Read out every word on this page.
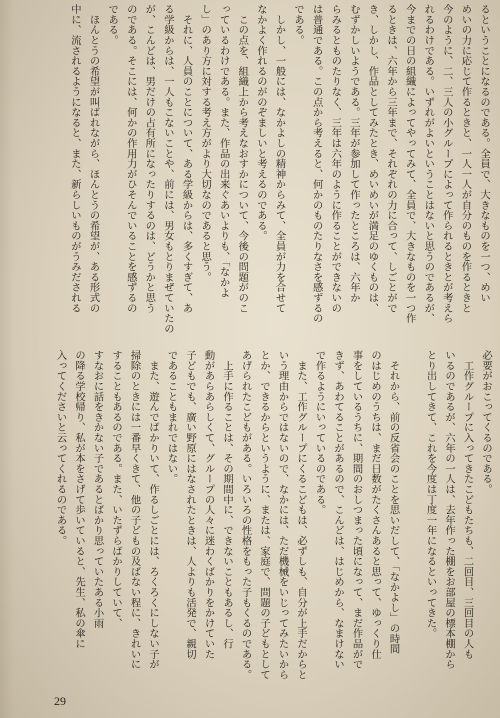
るということになるのである。全員で、大きなものを一つ、めい
めいの力に応じて作るときと、一人一人が自分のものを作るときと
今のように、二、三人の小グループによって作られるときとが考えら
れるわけである。いずれがよいということはないと思うのであるが、
今までの日の組織によってやってみて、全員で、大きなものを一つ作
るときは、六年から三年まで、それぞれの力に合って、しごとがで
き、しかし、作品としてみたとき、めいめいが満足のゆくものは、
むずかしいようである。三年が参加して作ったところは、六年か
らみるとものたりなく、三年は六年のように作ることができないの
は普通である。この点から考えると、何かのものたりなさを感ずるの
である。
　しかし、一般には、なかよしの精神からみて、全員が力を合せて
なかよく作れるのがのぞましいと考えるのである。
　この点を、組織上から考えなおすかについて、今後の問題がのこ
っているわけである。また、作品の出来ぐあいよりも、「なかよ
し」のあり方に対する考え方がより大切なのであると思う。
　それに、人員のことについて、ある学級からは、多くすぎて、あ
る学級からは、一人もこないことや、前には、男女もとりまぜていたの
が、こんどは、男だけの占有所になったりするのは、どうかと思う
のである。そこには、何かの作用力がひそんでいることを感ずるの
である。
　ほんとうの希望が叫ばれながら、ほんとうの希望が、ある形式の
中に、流されるようになると、また、新らしいものがうみだされる
必要がおこってくるのである。
　工作グループに入ってきたこどもたちも、二回目、三回目の人も
いるのであるが、六年の一人は、去年作った棚をお部屋の標本棚から
とり出してきて、これを今度は丁度一年になるといってきた。
　それから、前の反省会のことを思いだして、「なかよし」の時間
のはじめのうちは、まだ日数がたくさんあると思って、ゆっくり仕
事をしているうちに、期間のおしつまった頃になって、まだ作品がで
きず、あわてることがあるので、こんどは、はじめから、なまけない
で作るようにいっているのである。
　また、工作グループにくるこどもは、必ずしも、自分が上手だからと
いう理由からではないので、なかには、ただ機械をいじってみたいから
とか、できるからというように、または、家庭で、問題の子どもとして
あげられたこどもがある。いろいろの性格をもった子もくるのである。
　上手に作ることは、その期間中に、できないこともあるし、行
動があらあらしくて、グループの人々に迷わくばかりをかけていた
子どもでも、廣い野原にはなされたときは、人よりも活発で、親切
であることもまれではない。
　また、遊んでばかりいて、作るしごとには、ろくろくにしない子が
掃除のときには一番早くきて、他の子どもの及ばない程に、きれいに
することもあるのである。また、いたずらばかりしていて、
すなおに話をきかない子であるとばかり思っていたある小雨
の降る学校帰り、私が本をさげて歩いていると、先生、私の傘に
入ってくださいと云ってくれるのである。
29
